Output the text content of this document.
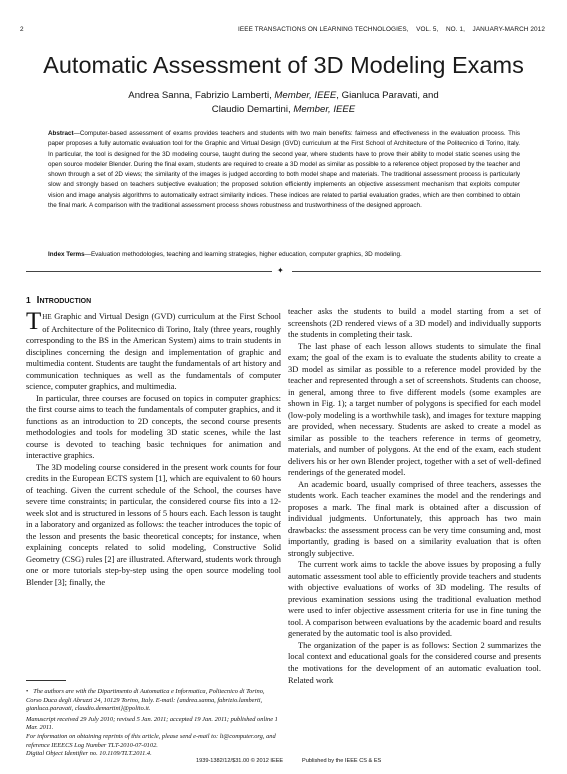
2	IEEE TRANSACTIONS ON LEARNING TECHNOLOGIES,    VOL. 5,    NO. 1,    JANUARY-MARCH 2012
Automatic Assessment of 3D Modeling Exams
Andrea Sanna, Fabrizio Lamberti, Member, IEEE, Gianluca Paravati, and
Claudio Demartini, Member, IEEE
Abstract—Computer-based assessment of exams provides teachers and students with two main benefits: fairness and effectiveness in the evaluation process. This paper proposes a fully automatic evaluation tool for the Graphic and Virtual Design (GVD) curriculum at the First School of Architecture of the Politecnico di Torino, Italy. In particular, the tool is designed for the 3D modeling course, taught during the second year, where students have to prove their ability to model static scenes using the open source modeler Blender. During the final exam, students are required to create a 3D model as similar as possible to a reference object proposed by the teacher and shown through a set of 2D views; the similarity of the images is judged according to both model shape and materials. The traditional assessment process is particularly slow and strongly based on teachers subjective evaluation; the proposed solution efficiently implements an objective assessment mechanism that exploits computer vision and image analysis algorithms to automatically extract similarity indices. These indices are related to partial evaluation grades, which are then combined to obtain the final mark. A comparison with the traditional assessment process shows robustness and trustworthiness of the designed approach.
Index Terms—Evaluation methodologies, teaching and learning strategies, higher education, computer graphics, 3D modeling.
✦
1 INTRODUCTION

THE Graphic and Virtual Design (GVD) curriculum at the First School of Architecture of the Politecnico di Torino, Italy (three years, roughly corresponding to the BS in the American System) aims to train students in disciplines concerning the design and implementation of graphic and multimedia content. Students are taught the fundamentals of art history and communication techniques as well as the fundamentals of computer science, computer graphics, and multimedia.

In particular, three courses are focused on topics in computer graphics: the first course aims to teach the fundamentals of computer graphics, and it functions as an introduction to 2D concepts, the second course presents methodologies and tools for modeling 3D static scenes, while the last course is devoted to teaching basic techniques for animation and interactive graphics.

The 3D modeling course considered in the present work counts for four credits in the European ECTS system [1], which are equivalent to 60 hours of teaching. Given the current schedule of the School, the courses have severe time constraints; in particular, the considered course fits into a 12-week slot and is structured in lessons of 5 hours each. Each lesson is taught in a laboratory and organized as follows: the teacher introduces the topic of the lesson and presents the basic theoretical concepts; for instance, when explaining concepts related to solid modeling, Constructive Solid Geometry (CSG) rules [2] are illustrated. Afterward, students work through one or more tutorials step-by-step using the open source modeling tool Blender [3]; finally, the

teacher asks the students to build a model starting from a set of screenshots (2D rendered views of a 3D model) and individually supports the students in completing their task.

The last phase of each lesson allows students to simulate the final exam; the goal of the exam is to evaluate the students ability to create a 3D model as similar as possible to a reference model provided by the teacher and represented through a set of screenshots. Students can choose, in general, among three to five different models (some examples are shown in Fig. 1); a target number of polygons is specified for each model (low-poly modeling is a worthwhile task), and images for texture mapping are provided, when necessary. Students are asked to create a model as similar as possible to the teachers reference in terms of geometry, materials, and number of polygons. At the end of the exam, each student delivers his or her own Blender project, together with a set of well-defined renderings of the generated model.

An academic board, usually comprised of three teachers, assesses the students work. Each teacher examines the model and the renderings and proposes a mark. The final mark is obtained after a discussion of individual judgments. Unfortunately, this approach has two main drawbacks: the assessment process can be very time consuming and, most importantly, grading is based on a similarity evaluation that is often strongly subjective.

The current work aims to tackle the above issues by proposing a fully automatic assessment tool able to efficiently provide teachers and students with objective evaluations of works of 3D modeling. The results of previous examination sessions using the traditional evaluation method were used to infer objective assessment criteria for use in fine tuning the tool. A comparison between evaluations by the academic board and results generated by the automatic tool is also provided.

The organization of the paper is as follows: Section 2 summarizes the local context and educational goals for the considered course and presents the motivations for the development of an automatic evaluation tool. Related work

• The authors are with the Dipartimento di Automatica e Informatica, Politecnico di Torino, Corso Duca degli Abruzzi 24, 10129 Torino, Italy. E-mail: {andrea.sanna, fabrizio.lamberti, gianluca.paravati, claudio.demartini}@polito.it.

Manuscript received 29 July 2010; revised 5 Jan. 2011; accepted 19 Jan. 2011; published online 1 Mar. 2011.

For information on obtaining reprints of this article, please send e-mail to: lt@computer.org, and reference IEEECS Log Number TLT-2010-07-0102.

Digital Object Identifier no. 10.1109/TLT.2011.4.

1939-1382/12/$31.00 © 2012 IEEE	Published by the IEEE CS & ES
